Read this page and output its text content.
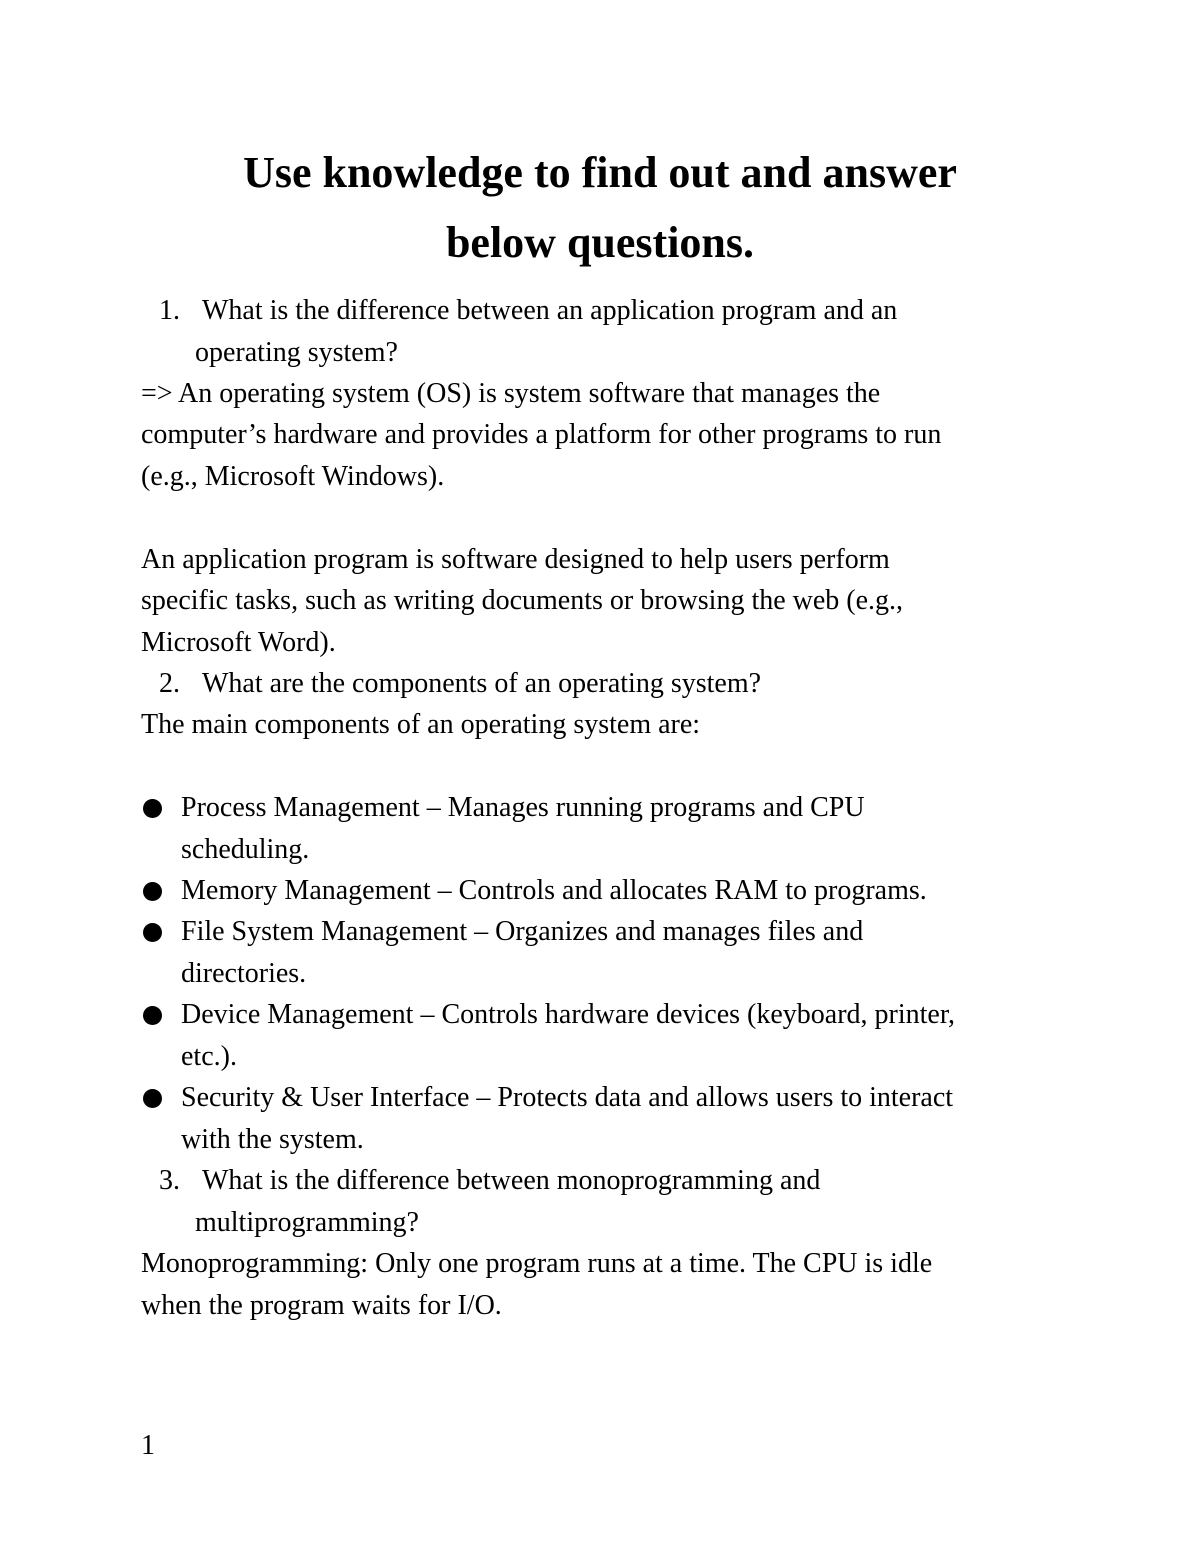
Use knowledge to find out and answer
below questions.
1. What is the difference between an application program and an

operating system?

=> An operating system (OS) is system software that manages the

computer’s hardware and provides a platform for other programs to run

(e.g., Microsoft Windows).

An application program is software designed to help users perform

specific tasks, such as writing documents or browsing the web (e.g.,

Microsoft Word).

2. What are the components of an operating system?

The main components of an operating system are:

Process Management – Manages running programs and CPU

scheduling.

Memory Management – Controls and allocates RAM to programs.

File System Management – Organizes and manages files and

directories.

Device Management – Controls hardware devices (keyboard, printer,

etc.).

Security & User Interface – Protects data and allows users to interact

with the system.

3. What is the difference between monoprogramming and

multiprogramming?

Monoprogramming: Only one program runs at a time. The CPU is idle

when the program waits for I/O.

1
